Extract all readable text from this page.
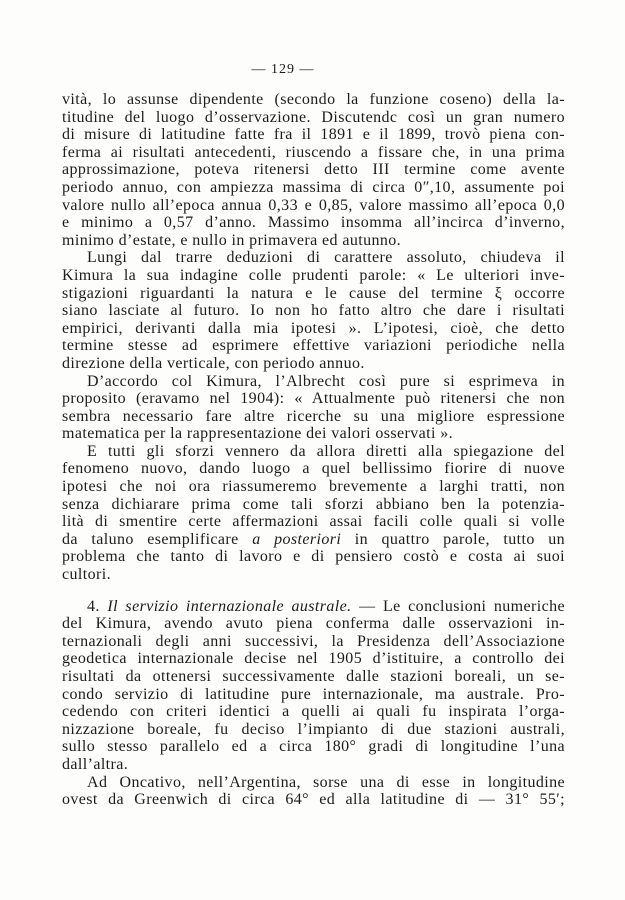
— 129 —
vità, lo assunse dipendente (secondo la funzione coseno) della la-
titudine del luogo d’osservazione. Discutendc così un gran numero
di misure di latitudine fatte fra il 1891 e il 1899, trovò piena con-
ferma ai risultati antecedenti, riuscendo a fissare che, in una prima
approssimazione, poteva ritenersi detto III termine come avente
periodo annuo, con ampiezza massima di circa 0″,10, assumente poi
valore nullo all’epoca annua 0,33 e 0,85, valore massimo all’epoca 0,0
e minimo a 0,57 d’anno. Massimo insomma all’incirca d’inverno,
minimo d’estate, e nullo in primavera ed autunno.
Lungi dal trarre deduzioni di carattere assoluto, chiudeva il
Kimura la sua indagine colle prudenti parole: « Le ulteriori inve-
stigazioni riguardanti la natura e le cause del termine ξ occorre
siano lasciate al futuro. Io non ho fatto altro che dare i risultati
empirici, derivanti dalla mia ipotesi ». L’ipotesi, cioè, che detto
termine stesse ad esprimere effettive variazioni periodiche nella
direzione della verticale, con periodo annuo.
D’accordo col Kimura, l’Albrecht così pure si esprimeva in
proposito (eravamo nel 1904): « Attualmente può ritenersi che non
sembra necessario fare altre ricerche su una migliore espressione
matematica per la rappresentazione dei valori osservati ».
E tutti gli sforzi vennero da allora diretti alla spiegazione del
fenomeno nuovo, dando luogo a quel bellissimo fiorire di nuove
ipotesi che noi ora riassumeremo brevemente a larghi tratti, non
senza dichiarare prima come tali sforzi abbiano ben la potenzia-
lità di smentire certe affermazioni assai facili colle quali si volle
da taluno esemplificare a posteriori in quattro parole, tutto un
problema che tanto di lavoro e di pensiero costò e costa ai suoi
cultori.
4. Il servizio internazionale australe. — Le conclusioni numeriche
del Kimura, avendo avuto piena conferma dalle osservazioni in-
ternazionali degli anni successivi, la Presidenza dell’Associazione
geodetica internazionale decise nel 1905 d’istituire, a controllo dei
risultati da ottenersi successivamente dalle stazioni boreali, un se-
condo servizio di latitudine pure internazionale, ma australe. Pro-
cedendo con criteri identici a quelli ai quali fu inspirata l’orga-
nizzazione boreale, fu deciso l’impianto di due stazioni australi,
sullo stesso parallelo ed a circa 180° gradi di longitudine l’una
dall’altra.
Ad Oncativo, nell’Argentina, sorse una di esse in longitudine
ovest da Greenwich di circa 64° ed alla latitudine di — 31° 55′;
